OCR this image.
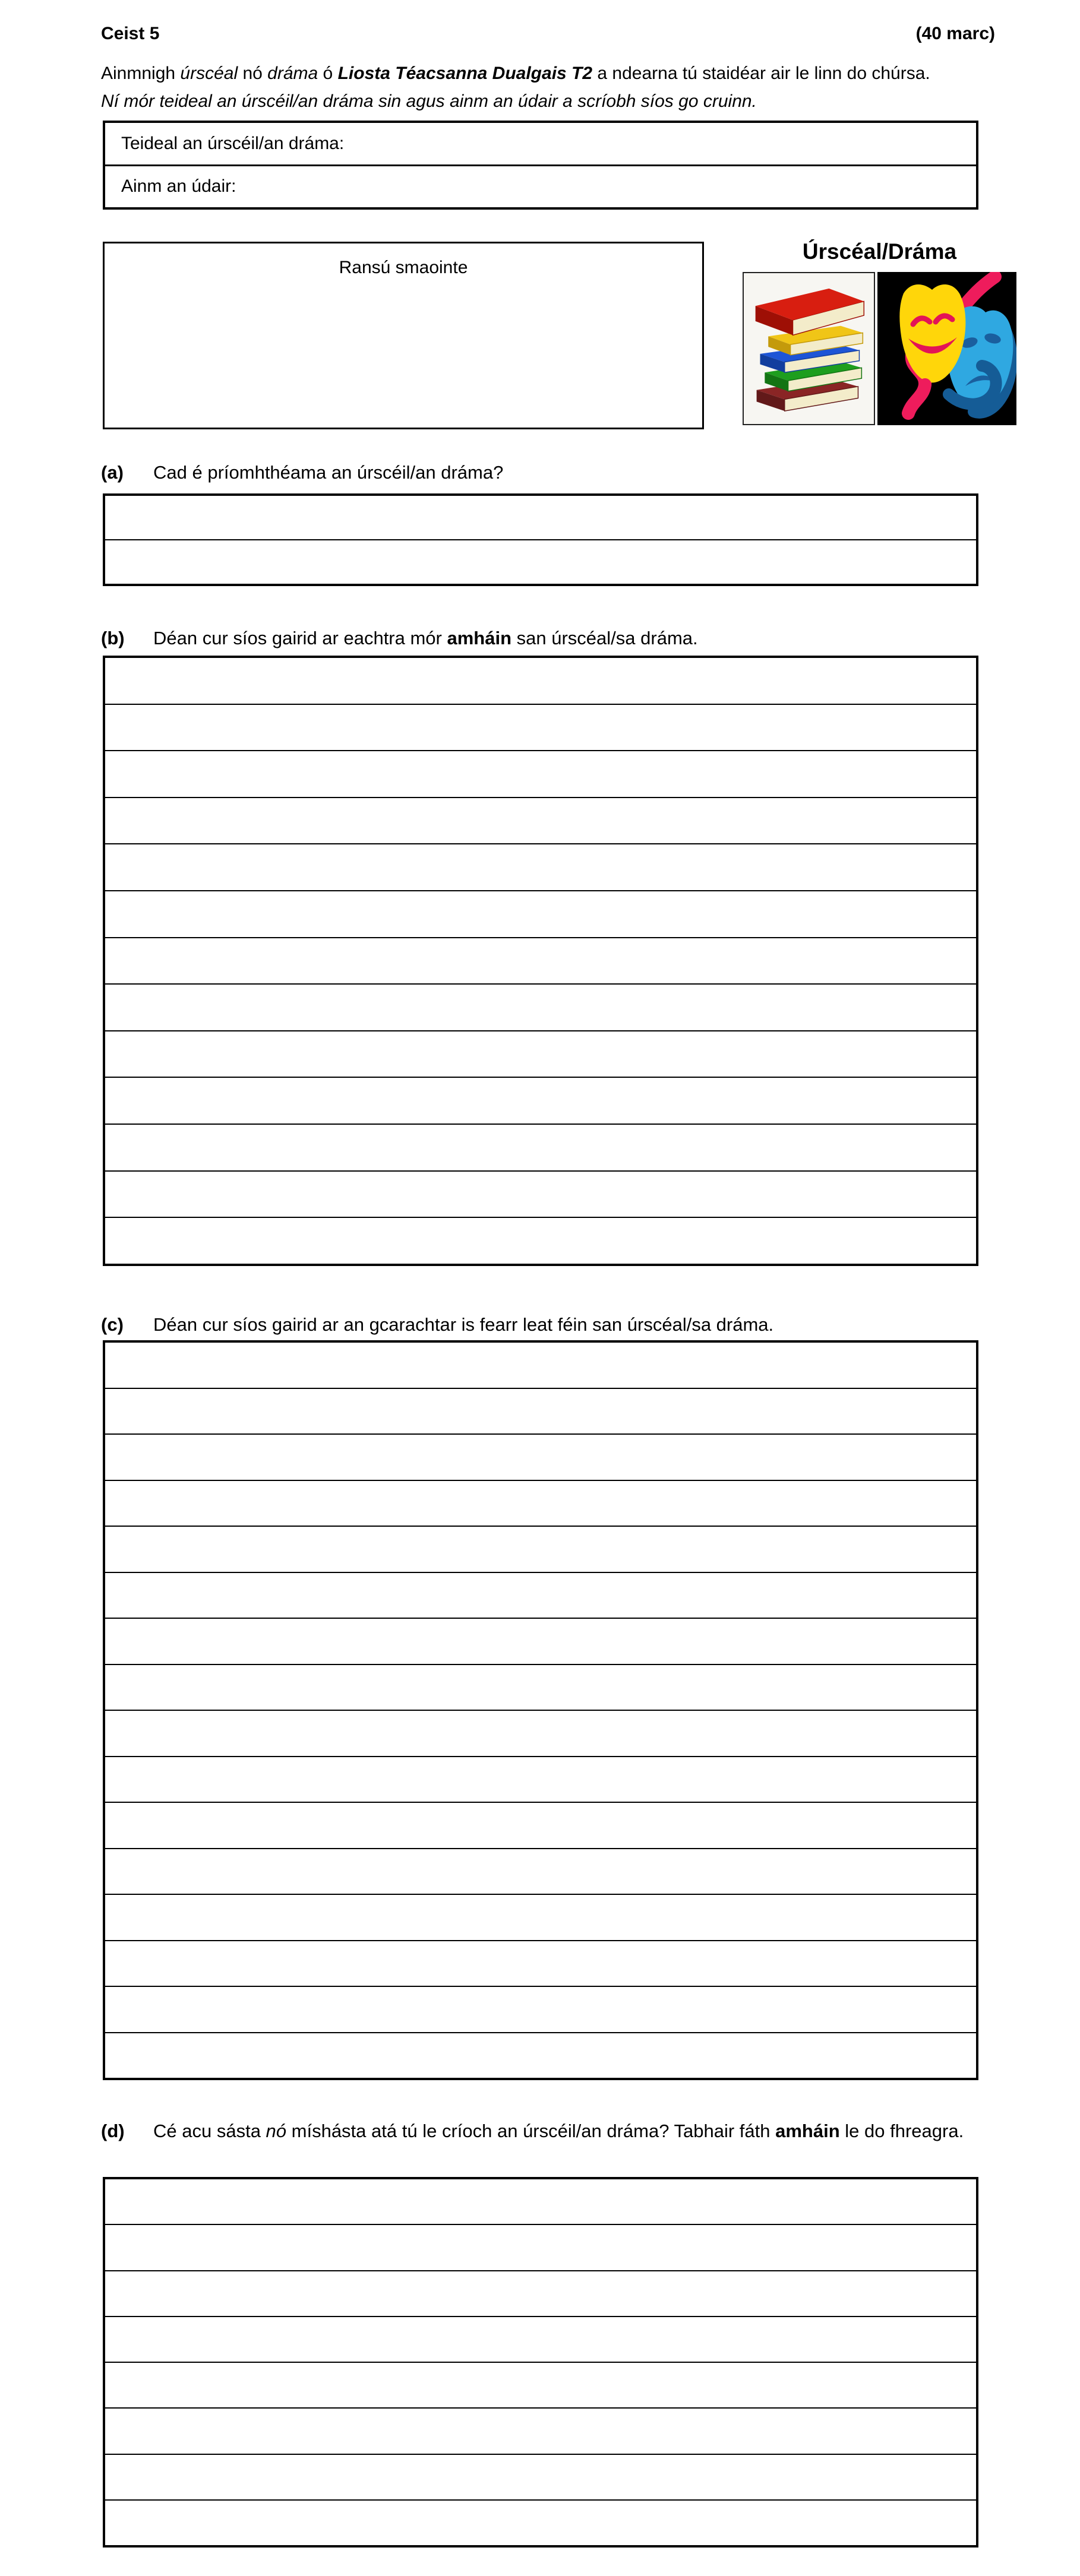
Ceist 5	(40 marc)
Ainmnigh úrscéal nó dráma ó Liosta Téacsanna Dualgais T2 a ndearna tú staidéar air le linn do chúrsa.
Ní mór teideal an úrscéil/an dráma sin agus ainm an údair a scríobh síos go cruinn.
Teideal an úrscéil/an dráma:
Ainm an údair:
Ransú smaointe
Úrscéal/Dráma
(a)	Cad é príomhthéama an úrscéil/an dráma?
(b)	Déan cur síos gairid ar eachtra mór amháin san úrscéal/sa dráma.
(c)	Déan cur síos gairid ar an gcarachtar is fearr leat féin san úrscéal/sa dráma.
(d)	Cé acu sásta nó míshásta atá tú le críoch an úrscéil/an dráma? Tabhair fáth amháin le do fhreagra.
